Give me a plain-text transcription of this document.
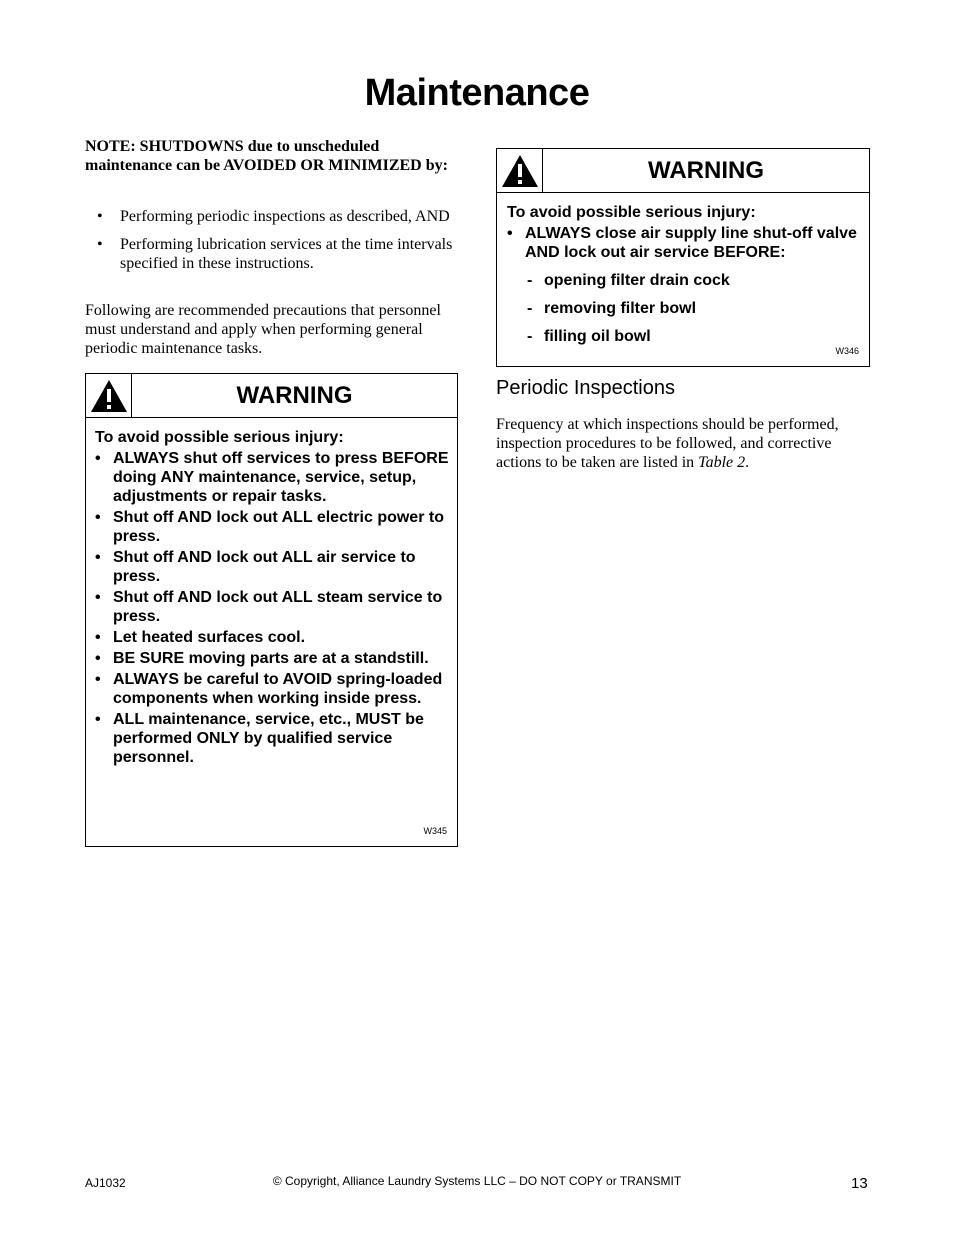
Maintenance
NOTE: SHUTDOWNS due to unscheduled maintenance can be AVOIDED OR MINIMIZED by:
• Performing periodic inspections as described, AND
• Performing lubrication services at the time intervals specified in these instructions.
Following are recommended precautions that personnel must understand and apply when performing general periodic maintenance tasks.
WARNING

To avoid possible serious injury:

• ALWAYS shut off services to press BEFORE doing ANY maintenance, service, setup, adjustments or repair tasks.
• Shut off AND lock out ALL electric power to press.
• Shut off AND lock out ALL air service to press.
• Shut off AND lock out ALL steam service to press.
• Let heated surfaces cool.
• BE SURE moving parts are at a standstill.
• ALWAYS be careful to AVOID spring-loaded components when working inside press.
• ALL maintenance, service, etc., MUST be performed ONLY by qualified service personnel.
W345
WARNING

To avoid possible serious injury:

• ALWAYS close air supply line shut-off valve AND lock out air service BEFORE:
- opening filter drain cock
- removing filter bowl
- filling oil bowl
W346
Periodic Inspections
Frequency at which inspections should be performed, inspection procedures to be followed, and corrective actions to be taken are listed in Table 2.
AJ1032	© Copyright, Alliance Laundry Systems LLC – DO NOT COPY or TRANSMIT	13
